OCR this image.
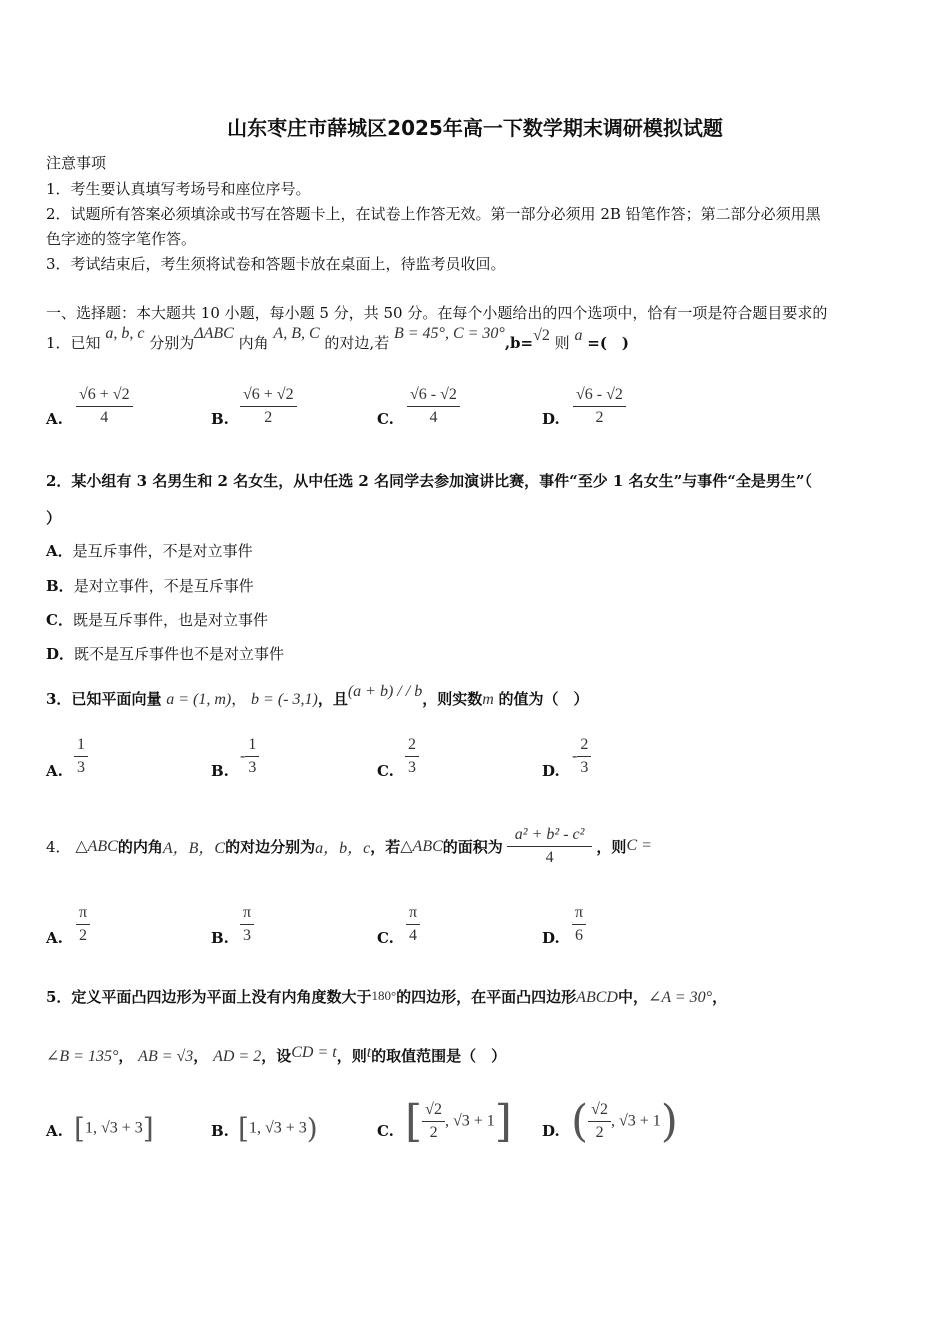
山东枣庄市薛城区2025年高一下数学期末调研模拟试题
注意事项
1．考生要认真填写考场号和座位序号。
2．试题所有答案必须填涂或书写在答题卡上，在试卷上作答无效。第一部分必须用 2B 铅笔作答；第二部分必须用黑
色字迹的签字笔作答。
3．考试结束后，考生须将试卷和答题卡放在桌面上，待监考员收回。
一、选择题：本大题共 10 小题，每小题 5 分，共 50 分。在每个小题给出的四个选项中，恰有一项是符合题目要求的
1．已知 a, b, c 分别为ΔABC 内角 A, B, C 的对边,若 B = 45°, C = 30°,b=√2 则 a =(　)
A. $\frac{√6 + √2}{4}$	B. $\frac{√6 + √2}{2}$	C. $\frac{√6 - √2}{4}$	D. $\frac{√6 - √2}{2}$
2．某小组有 3 名男生和 2 名女生，从中任选 2 名同学去参加演讲比赛，事件“至少 1 名女生”与事件“全是男生”（
）
A．是互斥事件，不是对立事件
B．是对立事件，不是互斥事件
C．既是互斥事件，也是对立事件
D．既不是互斥事件也不是对立事件
3．已知平面向量 a = (1, m)， b = (- 3,1)，且(a + b) / / b，则实数m 的值为（　）
A. $\frac{1}{3}$	B.
- $\frac{1}{3}$	C. $\frac{2}{3}$	D.
- $\frac{2}{3}$
4．
△ABC 的内角 A，B，C 的对边分别为 a，b，c ，若 △ABC 的面积为 $\frac{\text{a² + b² - c²}}{4}$ ，则 C =
A. $\frac{\pi}{2}$	B. $\frac{\pi}{3}$	C. $\frac{\pi}{4}$	D. $\frac{\pi}{6}$
5．定义平面凸四边形为平面上没有内角度数大于180°的四边形，在平面凸四边形ABCD中，∠A = 30°，
∠B = 135°， AB = √3， AD = 2，设CD = t，则t的取值范围是（　）
A. [1, √3 + 3]	B. [1, √3 + 3)	C. [ $\frac{√2}{2}$ , √3 + 1] D. ( $\frac{√2}{2}$ , √3 + 1)
